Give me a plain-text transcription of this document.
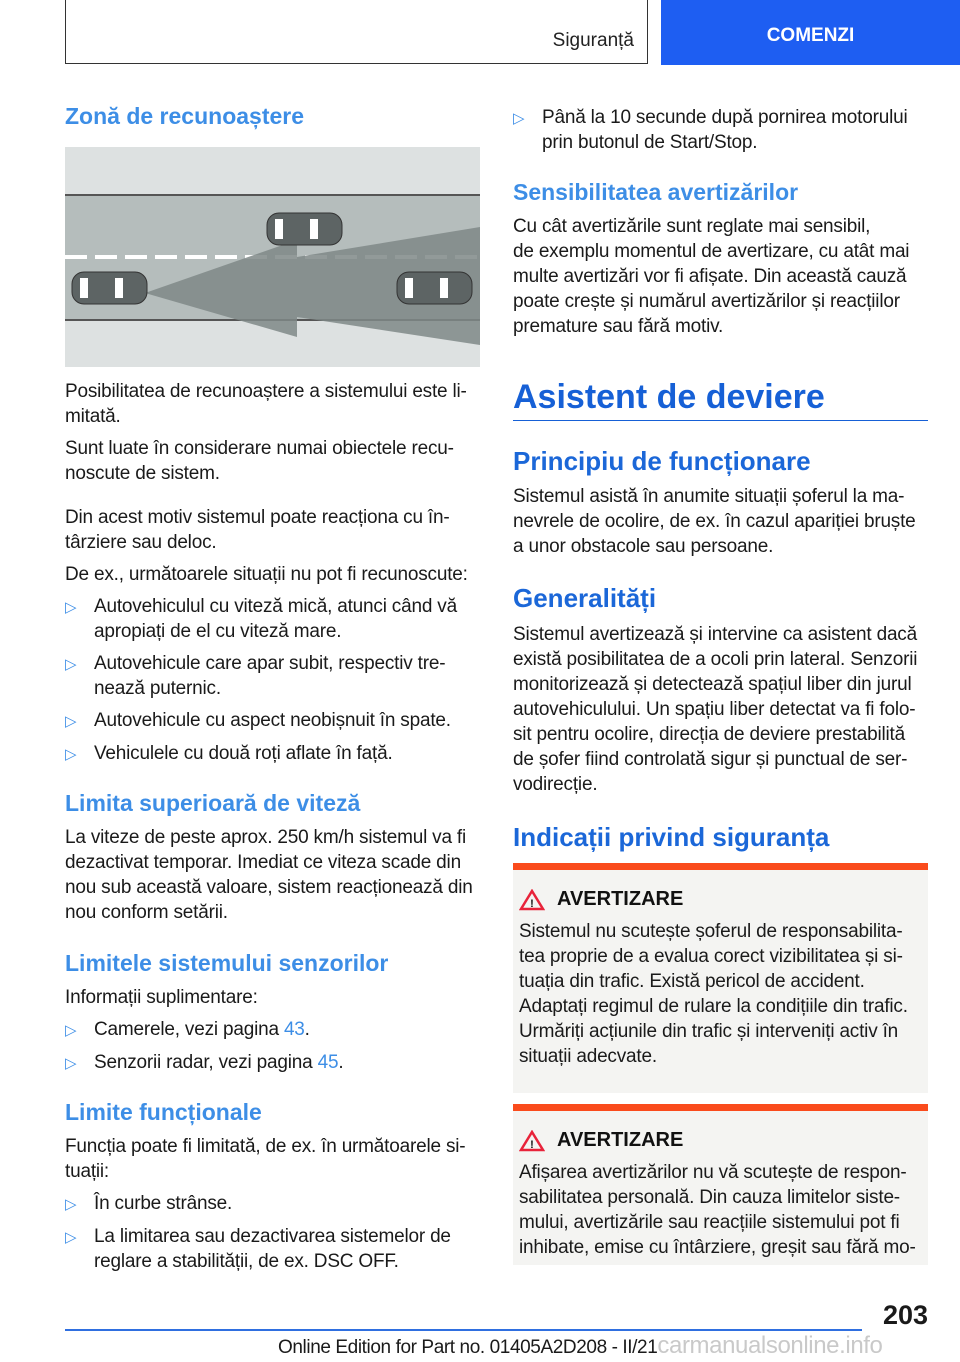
Siguranță	COMENZI
Zonă de recunoaștere
Posibilitatea de recunoaștere a sistemului este li-
mitată.
Sunt luate în considerare numai obiectele recu-
noscute de sistem.
Din acest motiv sistemul poate reacționa cu în-
târziere sau deloc.
De ex., următoarele situații nu pot fi recunoscute:
▷ Autovehiculul cu viteză mică, atunci când vă
apropiați de el cu viteză mare.
▷ Autovehicule care apar subit, respectiv tre-
nează puternic.
▷ Autovehicule cu aspect neobișnuit în spate.
▷ Vehiculele cu două roți aflate în față.
Limita superioară de viteză
La viteze de peste aprox. 250 km/h sistemul va fi
dezactivat temporar. Imediat ce viteza scade din
nou sub această valoare, sistem reacționează din
nou conform setării.
Limitele sistemului senzorilor
Informații suplimentare:
▷ Camerele, vezi pagina 43.
▷ Senzorii radar, vezi pagina 45.
Limite funcționale
Funcția poate fi limitată, de ex. în următoarele si-
tuații:
▷ În curbe strânse.
▷ La limitarea sau dezactivarea sistemelor de
reglare a stabilității, de ex. DSC OFF.
▷ Până la 10 secunde după pornirea motorului
prin butonul de Start/Stop.
Sensibilitatea avertizărilor
Cu cât avertizările sunt reglate mai sensibil,
de exemplu momentul de avertizare, cu atât mai
multe avertizări vor fi afișate. Din această cauză
poate crește și numărul avertizărilor și reacțiilor
premature sau fără motiv.
Asistent de deviere
Principiu de funcționare
Sistemul asistă în anumite situații șoferul la ma-
nevrele de ocolire, de ex. în cazul apariției bruște
a unor obstacole sau persoane.
Generalități
Sistemul avertizează și intervine ca asistent dacă
există posibilitatea de a ocoli prin lateral. Senzorii
monitorizează și detectează spațiul liber din jurul
autovehiculului. Un spațiu liber detectat va fi folo-
sit pentru ocolire, direcția de deviere prestabilită
de șofer fiind controlată sigur și punctual de ser-
vodirecție.
Indicații privind siguranța
! AVERTIZARE
Sistemul nu scutește șoferul de responsabilita-
tea proprie de a evalua corect vizibilitatea și si-
tuația din trafic. Există pericol de accident.
Adaptați regimul de rulare la condițiile din trafic.
Urmăriți acțiunile din trafic și interveniți activ în
situații adecvate.
! AVERTIZARE
Afișarea avertizărilor nu vă scutește de respon-
sabilitatea personală. Din cauza limitelor siste-
mului, avertizările sau reacțiile sistemului pot fi
inhibate, emise cu întârziere, greșit sau fără mo-
203
Online Edition for Part no. 01405A2D208 - II/21carmanualsonline.info
